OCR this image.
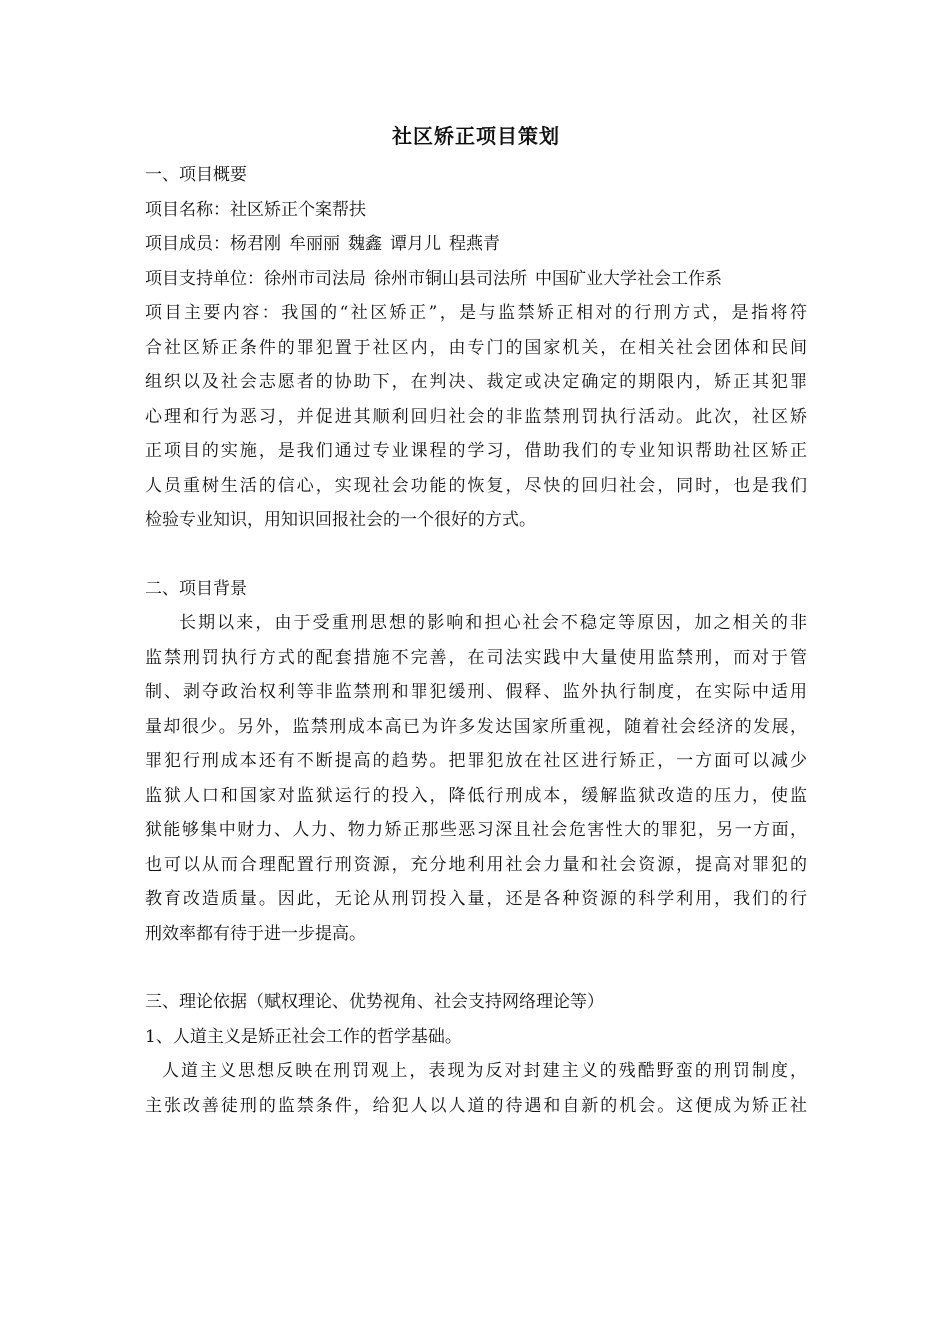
社区矫正项目策划

一、项目概要

项目名称：社区矫正个案帮扶

项目成员：杨君刚 牟丽丽 魏鑫 谭月儿 程燕青

项目支持单位：徐州市司法局 徐州市铜山县司法所 中国矿业大学社会工作系

项目主要内容：我国的“社区矫正”，是与监禁矫正相对的行刑方式，是指将符
合社区矫正条件的罪犯置于社区内，由专门的国家机关，在相关社会团体和民间
组织以及社会志愿者的协助下，在判决、裁定或决定确定的期限内，矫正其犯罪
心理和行为恶习，并促进其顺利回归社会的非监禁刑罚执行活动。此次，社区矫
正项目的实施，是我们通过专业课程的学习，借助我们的专业知识帮助社区矫正
人员重树生活的信心，实现社会功能的恢复，尽快的回归社会，同时，也是我们
检验专业知识，用知识回报社会的一个很好的方式。

二、项目背景

长期以来，由于受重刑思想的影响和担心社会不稳定等原因，加之相关的非
监禁刑罚执行方式的配套措施不完善，在司法实践中大量使用监禁刑，而对于管
制、剥夺政治权利等非监禁刑和罪犯缓刑、假释、监外执行制度，在实际中适用
量却很少。另外，监禁刑成本高已为许多发达国家所重视，随着社会经济的发展，
罪犯行刑成本还有不断提高的趋势。把罪犯放在社区进行矫正，一方面可以减少
监狱人口和国家对监狱运行的投入，降低行刑成本，缓解监狱改造的压力，使监
狱能够集中财力、人力、物力矫正那些恶习深且社会危害性大的罪犯，另一方面，
也可以从而合理配置行刑资源，充分地利用社会力量和社会资源，提高对罪犯的
教育改造质量。因此，无论从刑罚投入量，还是各种资源的科学利用，我们的行
刑效率都有待于进一步提高。

三、理论依据（赋权理论、优势视角、社会支持网络理论等）

1、人道主义是矫正社会工作的哲学基础。

人道主义思想反映在刑罚观上，表现为反对封建主义的残酷野蛮的刑罚制度，
主张改善徒刑的监禁条件，给犯人以人道的待遇和自新的机会。这便成为矫正社
